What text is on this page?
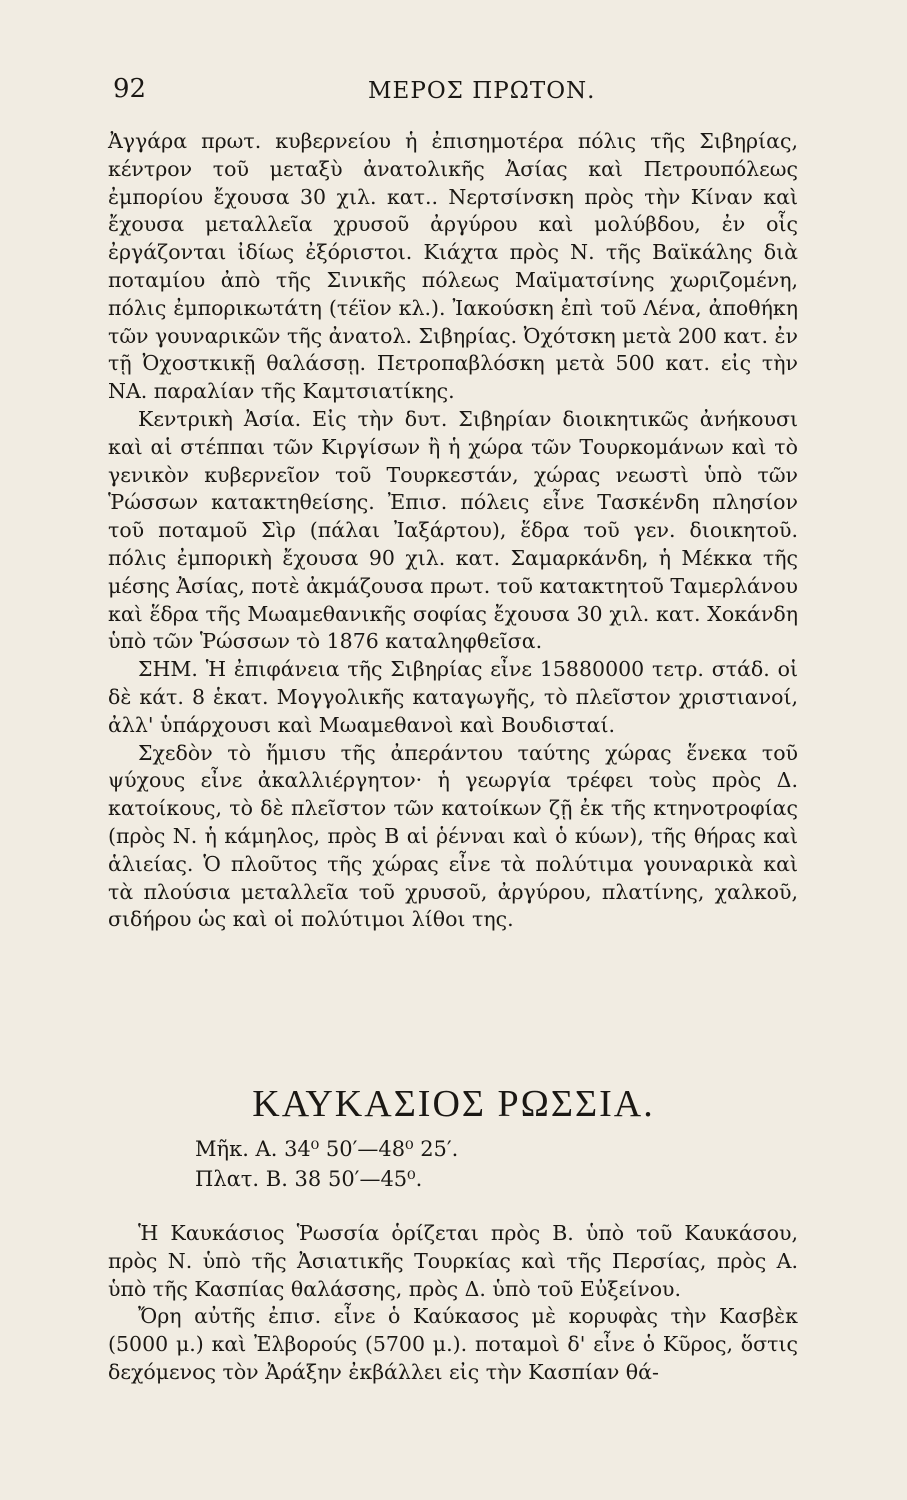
92	ΜΕΡΟΣ ΠΡΩΤΟΝ.

Ἀγγάρα πρωτ. κυβερνείου ἡ ἐπισημοτέρα πόλις τῆς Σιβηρίας, κέντρον τοῦ μεταξὺ ἀνατολικῆς Ἀσίας καὶ Πετρουπόλεως ἐμπορίου ἔχουσα 30 χιλ. κατ.. Νερτσίνσκη πρὸς τὴν Κίναν καὶ ἔχουσα μεταλλεῖα χρυσοῦ ἀργύρου καὶ μολύβδου, ἐν οἷς ἐργάζονται ἰδίως ἐξόριστοι. Κιάχτα πρὸς Ν. τῆς Βαϊκάλης διὰ ποταμίου ἀπὸ τῆς Σινικῆς πόλεως Μαϊματσίνης χωριζομένη, πόλις ἐμπορικωτάτη (τέϊον κλ.). Ἰακούσκη ἐπὶ τοῦ Λένα, ἀποθήκη τῶν γουναρικῶν τῆς ἀνατολ. Σιβηρίας. Ὀχότσκη μετὰ 200 κατ. ἐν τῇ Ὀχοστκικῇ θαλάσσῃ. Πετροπαβλόσκη μετὰ 500 κατ. εἰς τὴν ΝΑ. παραλίαν τῆς Καμτσιατίκης.

Κεντρικὴ Ἀσία. Εἰς τὴν δυτ. Σιβηρίαν διοικητικῶς ἀνήκουσι καὶ αἱ στέππαι τῶν Κιργίσων ἢ ἡ χώρα τῶν Τουρκομάνων καὶ τὸ γενικὸν κυβερνεῖον τοῦ Τουρκεστάν, χώρας νεωστὶ ὑπὸ τῶν Ῥώσσων κατακτηθείσης. Ἐπισ. πόλεις εἶνε Τασκένδη πλησίον τοῦ ποταμοῦ Σὶρ (πάλαι Ἰαξάρτου), ἕδρα τοῦ γεν. διοικητοῦ. πόλις ἐμπορικὴ ἔχουσα 90 χιλ. κατ. Σαμαρκάνδη, ἡ Μέκκα τῆς μέσης Ἀσίας, ποτὲ ἀκμάζουσα πρωτ. τοῦ κατακτητοῦ Ταμερλάνου καὶ ἕδρα τῆς Μωαμεθανικῆς σοφίας ἔχουσα 30 χιλ. κατ. Χοκάνδη ὑπὸ τῶν Ῥώσσων τὸ 1876 καταληφθεῖσα.

ΣΗΜ. Ἡ ἐπιφάνεια τῆς Σιβηρίας εἶνε 15880000 τετρ. στάδ. οἱ δὲ κάτ. 8 ἑκατ. Μογγολικῆς καταγωγῆς, τὸ πλεῖστον χριστιανοί, ἀλλ' ὑπάρχουσι καὶ Μωαμεθανοὶ καὶ Βουδισταί.

Σχεδὸν τὸ ἥμισυ τῆς ἀπεράντου ταύτης χώρας ἕνεκα τοῦ ψύχους εἶνε ἀκαλλιέργητον· ἡ γεωργία τρέφει τοὺς πρὸς Δ. κατοίκους, τὸ δὲ πλεῖστον τῶν κατοίκων ζῇ ἐκ τῆς κτηνοτροφίας (πρὸς Ν. ἡ κάμηλος, πρὸς Β αἱ ῥένναι καὶ ὁ κύων), τῆς θήρας καὶ ἁλιείας. Ὁ πλοῦτος τῆς χώρας εἶνε τὰ πολύτιμα γουναρικὰ καὶ τὰ πλούσια μεταλλεῖα τοῦ χρυσοῦ, ἀργύρου, πλατίνης, χαλκοῦ, σιδήρου ὡς καὶ οἱ πολύτιμοι λίθοι της.

ΚΑΥΚΑΣΙΟΣ ΡΩΣΣΙΑ.
Μῆκ. Α. 34⁰ 50′—48⁰ 25′.
Πλατ. Β. 38 50′—45⁰.

Ἡ Καυκάσιος Ῥωσσία ὁρίζεται πρὸς Β. ὑπὸ τοῦ Καυκάσου, πρὸς Ν. ὑπὸ τῆς Ἀσιατικῆς Τουρκίας καὶ τῆς Περσίας, πρὸς Α. ὑπὸ τῆς Κασπίας θαλάσσης, πρὸς Δ. ὑπὸ τοῦ Εὐξείνου.

Ὄρη αὐτῆς ἐπισ. εἶνε ὁ Καύκασος μὲ κορυφὰς τὴν Κασβὲκ (5000 μ.) καὶ Ἐλβορούς (5700 μ.). ποταμοὶ δ' εἶνε ὁ Κῦρος, ὅστις δεχόμενος τὸν Ἀράξην ἐκβάλλει εἰς τὴν Κασπίαν θά-
